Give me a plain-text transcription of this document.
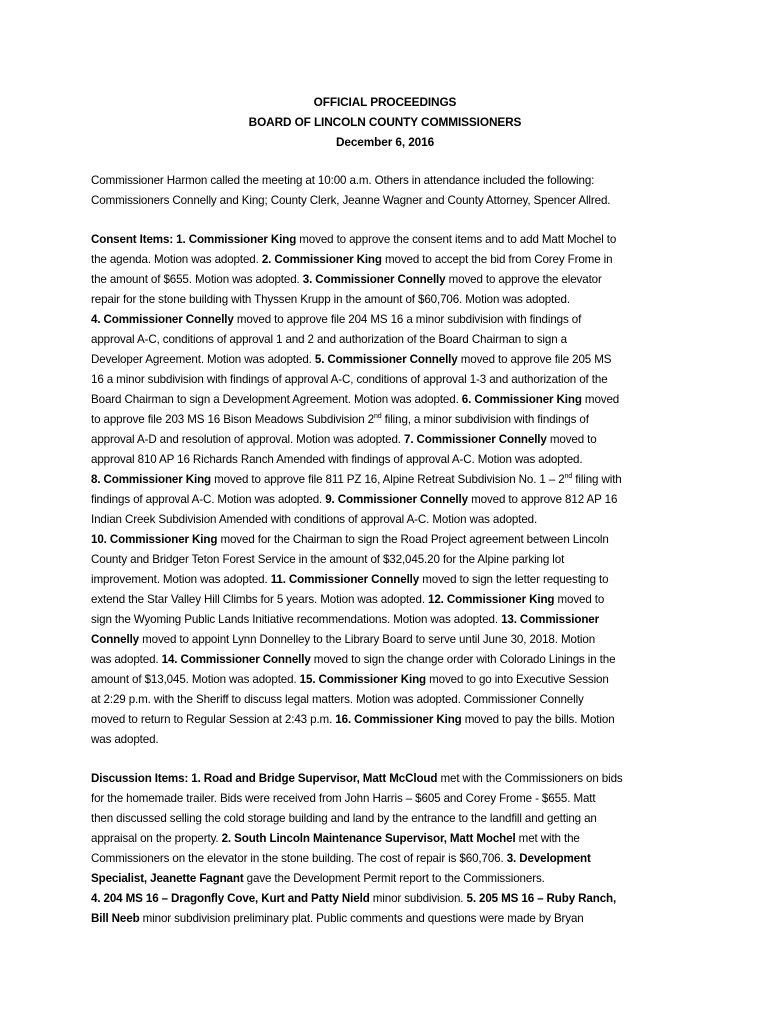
OFFICIAL PROCEEDINGS
BOARD OF LINCOLN COUNTY COMMISSIONERS
December 6, 2016
Commissioner Harmon called the meeting at 10:00 a.m. Others in attendance included the following:
Commissioners Connelly and King; County Clerk, Jeanne Wagner and County Attorney, Spencer Allred.
Consent Items: 1. Commissioner King moved to approve the consent items and to add Matt Mochel to
the agenda. Motion was adopted. 2. Commissioner King moved to accept the bid from Corey Frome in
the amount of $655. Motion was adopted. 3. Commissioner Connelly moved to approve the elevator
repair for the stone building with Thyssen Krupp in the amount of $60,706. Motion was adopted.
4. Commissioner Connelly moved to approve file 204 MS 16 a minor subdivision with findings of
approval A-C, conditions of approval 1 and 2 and authorization of the Board Chairman to sign a
Developer Agreement. Motion was adopted. 5. Commissioner Connelly moved to approve file 205 MS
16 a minor subdivision with findings of approval A-C, conditions of approval 1-3 and authorization of the
Board Chairman to sign a Development Agreement. Motion was adopted. 6. Commissioner King moved
to approve file 203 MS 16 Bison Meadows Subdivision 2nd filing, a minor subdivision with findings of
approval A-D and resolution of approval. Motion was adopted. 7. Commissioner Connelly moved to
approval 810 AP 16 Richards Ranch Amended with findings of approval A-C. Motion was adopted.
8. Commissioner King moved to approve file 811 PZ 16, Alpine Retreat Subdivision No. 1 – 2nd filing with
findings of approval A-C. Motion was adopted. 9. Commissioner Connelly moved to approve 812 AP 16
Indian Creek Subdivision Amended with conditions of approval A-C. Motion was adopted.
10. Commissioner King moved for the Chairman to sign the Road Project agreement between Lincoln
County and Bridger Teton Forest Service in the amount of $32,045.20 for the Alpine parking lot
improvement. Motion was adopted. 11. Commissioner Connelly moved to sign the letter requesting to
extend the Star Valley Hill Climbs for 5 years. Motion was adopted. 12. Commissioner King moved to
sign the Wyoming Public Lands Initiative recommendations. Motion was adopted. 13. Commissioner
Connelly moved to appoint Lynn Donnelley to the Library Board to serve until June 30, 2018. Motion
was adopted. 14. Commissioner Connelly moved to sign the change order with Colorado Linings in the
amount of $13,045. Motion was adopted. 15. Commissioner King moved to go into Executive Session
at 2:29 p.m. with the Sheriff to discuss legal matters. Motion was adopted. Commissioner Connelly
moved to return to Regular Session at 2:43 p.m. 16. Commissioner King moved to pay the bills. Motion
was adopted.
Discussion Items: 1. Road and Bridge Supervisor, Matt McCloud met with the Commissioners on bids
for the homemade trailer. Bids were received from John Harris – $605 and Corey Frome - $655. Matt
then discussed selling the cold storage building and land by the entrance to the landfill and getting an
appraisal on the property. 2. South Lincoln Maintenance Supervisor, Matt Mochel met with the
Commissioners on the elevator in the stone building. The cost of repair is $60,706. 3. Development
Specialist, Jeanette Fagnant gave the Development Permit report to the Commissioners.
4. 204 MS 16 – Dragonfly Cove, Kurt and Patty Nield minor subdivision. 5. 205 MS 16 – Ruby Ranch,
Bill Neeb minor subdivision preliminary plat. Public comments and questions were made by Bryan
